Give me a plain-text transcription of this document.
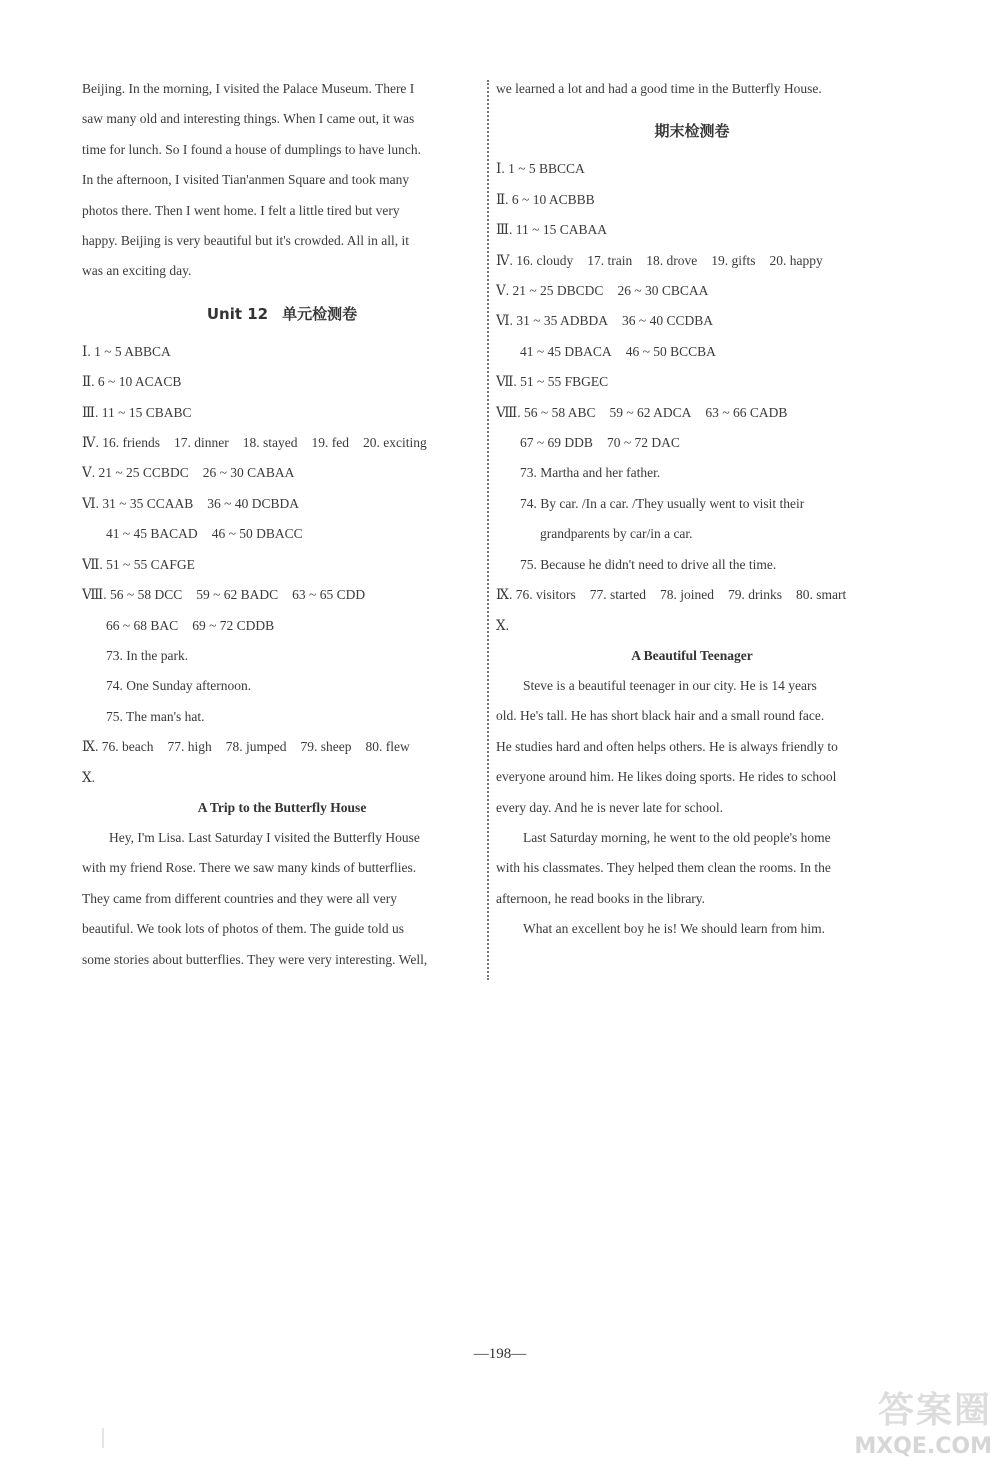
Beijing. In the morning, I visited the Palace Museum. There I

saw many old and interesting things. When I came out, it was

time for lunch. So I found a house of dumplings to have lunch.

In the afternoon, I visited Tian'anmen Square and took many

photos there. Then I went home. I felt a little tired but very

happy. Beijing is very beautiful but it's crowded. All in all, it

was an exciting day.

Unit 12 单元检测卷
Ⅰ. 1 ~ 5 ABBCA
Ⅱ. 6 ~ 10 ACACB
Ⅲ. 11 ~ 15 CBABC
Ⅳ. 16. friends 17. dinner 18. stayed 19. fed 20. exciting
Ⅴ. 21 ~ 25 CCBDC 26 ~ 30 CABAA
Ⅵ. 31 ~ 35 CCAAB 36 ~ 40 DCBDA
41 ~ 45 BACAD 46 ~ 50 DBACC
Ⅶ. 51 ~ 55 CAFGE
Ⅷ. 56 ~ 58 DCC 59 ~ 62 BADC 63 ~ 65 CDD
66 ~ 68 BAC 69 ~ 72 CDDB
73. In the park.
74. One Sunday afternoon.
75. The man's hat.
Ⅸ. 76. beach 77. high 78. jumped 79. sheep 80. flew
Ⅹ.
A Trip to the Butterfly House

Hey, I'm Lisa. Last Saturday I visited the Butterfly House

with my friend Rose. There we saw many kinds of butterflies.

They came from different countries and they were all very

beautiful. We took lots of photos of them. The guide told us

some stories about butterflies. They were very interesting. Well,

we learned a lot and had a good time in the Butterfly House.

期末检测卷
Ⅰ. 1 ~ 5 BBCCA
Ⅱ. 6 ~ 10 ACBBB
Ⅲ. 11 ~ 15 CABAA
Ⅳ. 16. cloudy 17. train 18. drove 19. gifts 20. happy
Ⅴ. 21 ~ 25 DBCDC 26 ~ 30 CBCAA
Ⅵ. 31 ~ 35 ADBDA 36 ~ 40 CCDBA
41 ~ 45 DBACA 46 ~ 50 BCCBA
Ⅶ. 51 ~ 55 FBGEC
Ⅷ. 56 ~ 58 ABC 59 ~ 62 ADCA 63 ~ 66 CADB
67 ~ 69 DDB 70 ~ 72 DAC
73. Martha and her father.
74. By car. /In a car. /They usually went to visit their
grandparents by car/in a car.
75. Because he didn't need to drive all the time.
Ⅸ. 76. visitors 77. started 78. joined 79. drinks 80. smart
Ⅹ.
A Beautiful Teenager

Steve is a beautiful teenager in our city. He is 14 years

old. He's tall. He has short black hair and a small round face.

He studies hard and often helps others. He is always friendly to

everyone around him. He likes doing sports. He rides to school

every day. And he is never late for school.

Last Saturday morning, he went to the old people's home

with his classmates. They helped them clean the rooms. In the

afternoon, he read books in the library.

What an excellent boy he is! We should learn from him.

—198—
答案圈
MXQE.COM
